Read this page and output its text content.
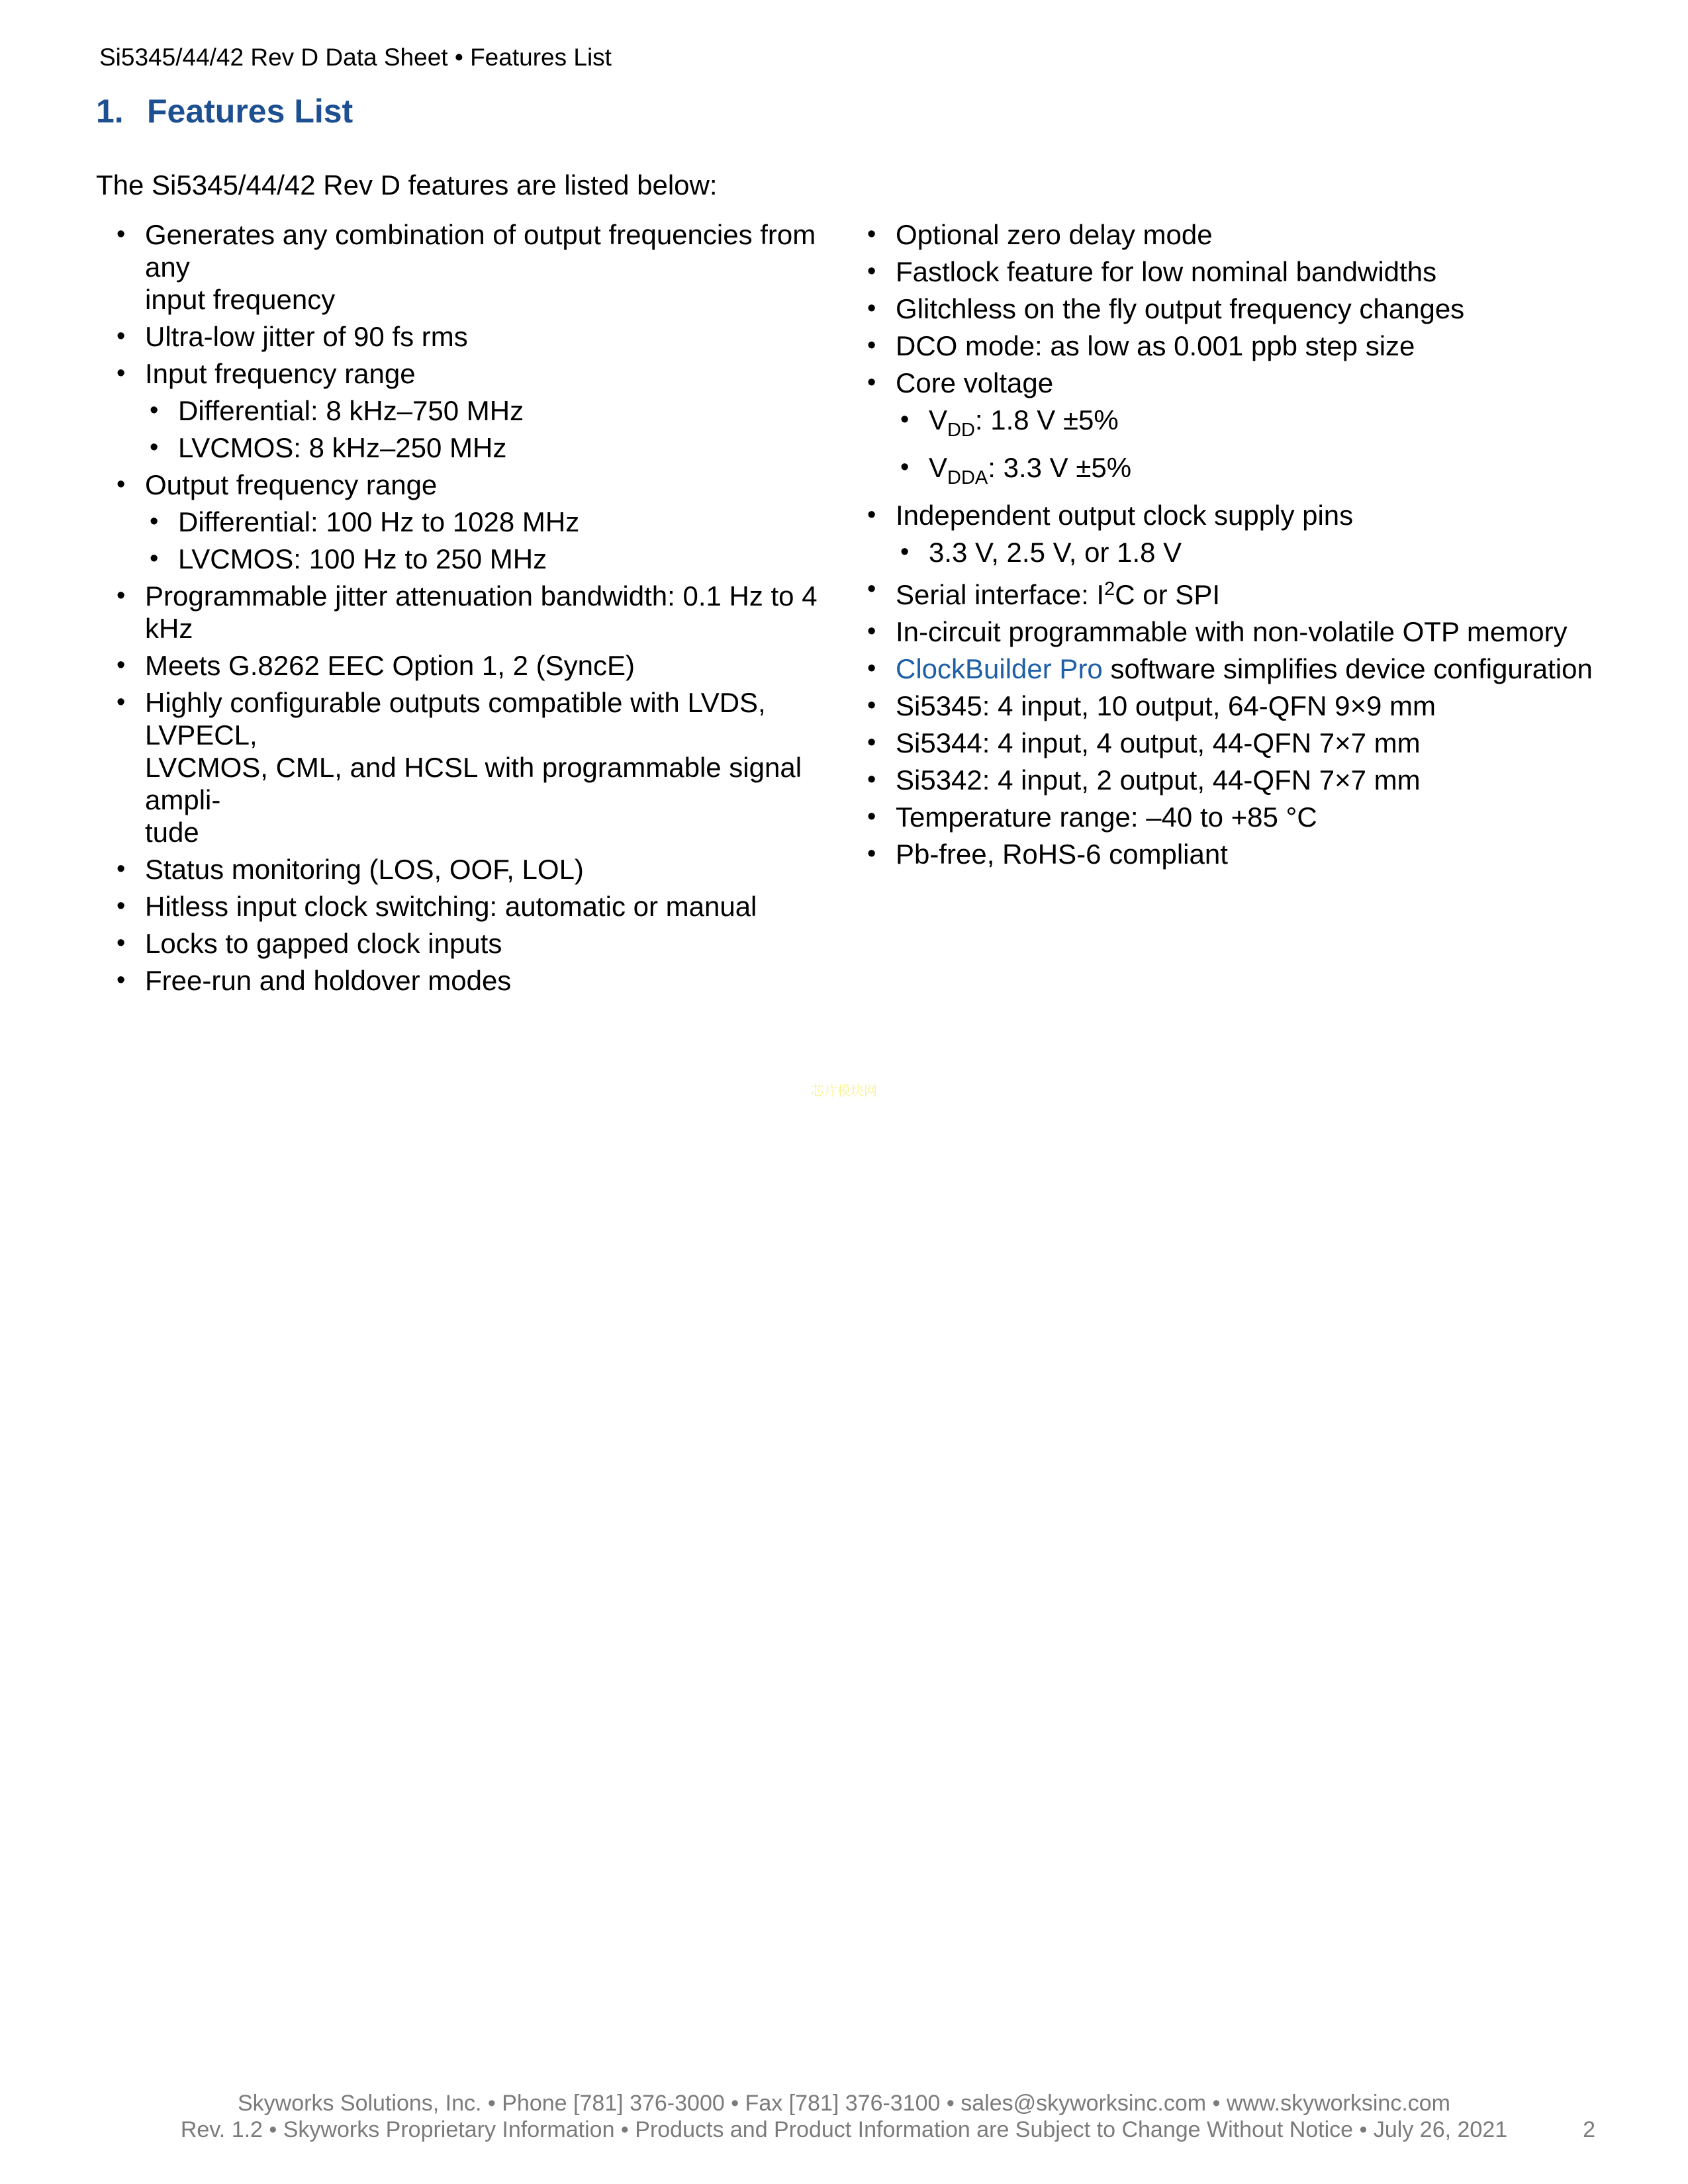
Si5345/44/42 Rev D Data Sheet • Features List
1. Features List
The Si5345/44/42 Rev D features are listed below:
• Generates any combination of output frequencies from any
input frequency
• Ultra-low jitter of 90 fs rms
• Input frequency range
• Differential: 8 kHz–750 MHz
• LVCMOS: 8 kHz–250 MHz
• Output frequency range
• Differential: 100 Hz to 1028 MHz
• LVCMOS: 100 Hz to 250 MHz
• Programmable jitter attenuation bandwidth: 0.1 Hz to 4 kHz
• Meets G.8262 EEC Option 1, 2 (SyncE)
• Highly configurable outputs compatible with LVDS, LVPECL,
LVCMOS, CML, and HCSL with programmable signal ampli-
tude
• Status monitoring (LOS, OOF, LOL)
• Hitless input clock switching: automatic or manual
• Locks to gapped clock inputs
• Free-run and holdover modes
• Optional zero delay mode
• Fastlock feature for low nominal bandwidths
• Glitchless on the fly output frequency changes
• DCO mode: as low as 0.001 ppb step size
• Core voltage
• $V_{DD}$: 1.8 V ±5%
• $V_{DDA}$: 3.3 V ±5%
• Independent output clock supply pins
• 3.3 V, 2.5 V, or 1.8 V
• Serial interface: $I^2C$ or SPI
• In-circuit programmable with non-volatile OTP memory
• ClockBuilder Pro software simplifies device configuration
• Si5345: 4 input, 10 output, 64-QFN 9×9 mm
• Si5344: 4 input, 4 output, 44-QFN 7×7 mm
• Si5342: 4 input, 2 output, 44-QFN 7×7 mm
• Temperature range: –40 to +85 °C
• Pb-free, RoHS-6 compliant
芯片模块网
Skyworks Solutions, Inc. • Phone [781] 376-3000 • Fax [781] 376-3100 • sales@skyworksinc.com • www.skyworksinc.com
Rev. 1.2 • Skyworks Proprietary Information • Products and Product Information are Subject to Change Without Notice • July 26, 2021	2
